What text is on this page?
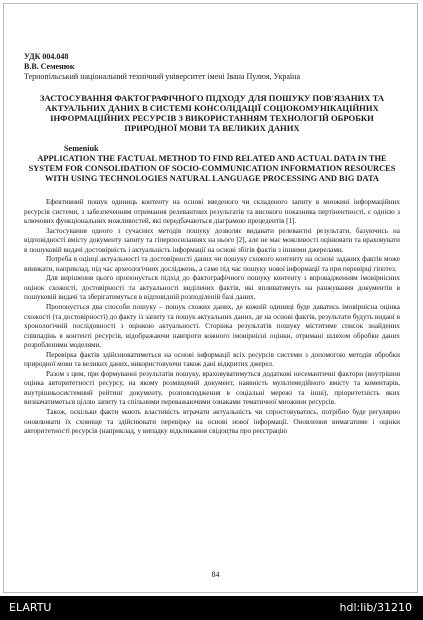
УДК 004.048
В.В. Семенюк
Тернопільський національний технічний університет імені Івана Пулюя, Україна
ЗАСТОСУВАННЯ ФАКТОГРАФІЧНОГО ПІДХОДУ ДЛЯ ПОШУКУ ПОВ'ЯЗАНИХ ТА АКТУАЛЬНИХ ДАНИХ В СИСТЕМІ КОНСОЛІДАЦІЇ СОЦІОКОМУНІКАЦІЙНИХ ІНФОРМАЦІЙНИХ РЕСУРСІВ З ВИКОРИСТАННЯМ ТЕХНОЛОГІЙ ОБРОБКИ ПРИРОДНОЇ МОВИ ТА ВЕЛИКИХ ДАНИХ
Semeniuk
APPLICATION THE FACTUAL METHOD TO FIND RELATED AND ACTUAL DATA IN THE SYSTEM FOR CONSOLIDATION OF SOCIO-COMMUNICATION INFORMATION RESOURCES WITH USING TECHNOLOGIES NATURAL LANGUAGE PROCESSING AND BIG DATA

Ефективний пошук одиниць контенту на основі введеного чи складеного запиту в множині інформаційних ресурсів системи, з забезпеченням отримання релевантних результатів та високого показника пертінентності, є однією з ключових функціональних можливостей, які передбачаються діаграмою прецедентів [1].

Застосування одного з сучасних методів пошуку дозволяє видавати релевантні результати, базуючись на відповідності вмісту документу запиту та гіперпосиланнях на нього [2], але не має можливості оцінювати та враховувати в пошуковій видачі достовірність і актуальність інформації на основі збігів фактів з іншими джерелами.

Потреба в оцінці актуальності та достовірності даних чи пошуку схожого контенту на основі заданих фактів може виникати, наприклад, під час археологічних досліджень, а саме під час пошуку нової інформації та при перевірці гіпотез.

Для вирішення цього пропонується підхід до фактографічного пошуку контенту з впровадженням імовірнісних оцінок схожості, достовірності та актуальності виділених фактів, які впливатимуть на ранжування документів в пошуковій видачі та зберігатимуться в відповідній розподіленій базі даних.

Пропонується два способи пошуку – пошук схожих даних, де кожній одиниці буде даватись імовірнісна оцінка схожості (та достовірності) до факту із запиту та пошук актуальних даних, де на основі фактів, результати будуть видані в хронологічній послідовності з оцінкою актуальності. Сторінка результатів пошуку міститиме список знайдених співпадінь в контенті ресурсів, відображаючи навпроти кожного імовірнісні оцінки, отримані шляхом обробки даних розробленими моделями.

Перевірка фактів здійснюватиметься на основі інформації всіх ресурсів системи з допомогою методів обробки природної мови та великих даних, використовуючи також дані відкритих джерел.

Разом з цим, при формуванні результатів пошуку, враховуватимуться додаткові несемантичні фактори (внутрішня оцінка авторитетності ресурсу, на якому розміщений документ, наявність мультимедійного вмісту та коментарів, внутрішньосистемний рейтинг документу, розповсюдження в соціальні мережі та інші), пріоритетність яких визначатиметься ціллю запиту та спільними переважаючими ознаками тематичної множини ресурсів.

Також, оскільки факти мають властивість втрачати актуальність чи спростовуватись, потрібно буде регулярно оновлювати їх сховище та здійснювати перевірку на основі нової інформації. Оновлення вимагатиме і оцінки авторитетності ресурсів (наприклад, у випадку відкликання свідоцтва про реєстрацію

84
ELARTU	hdl:lib/31210
